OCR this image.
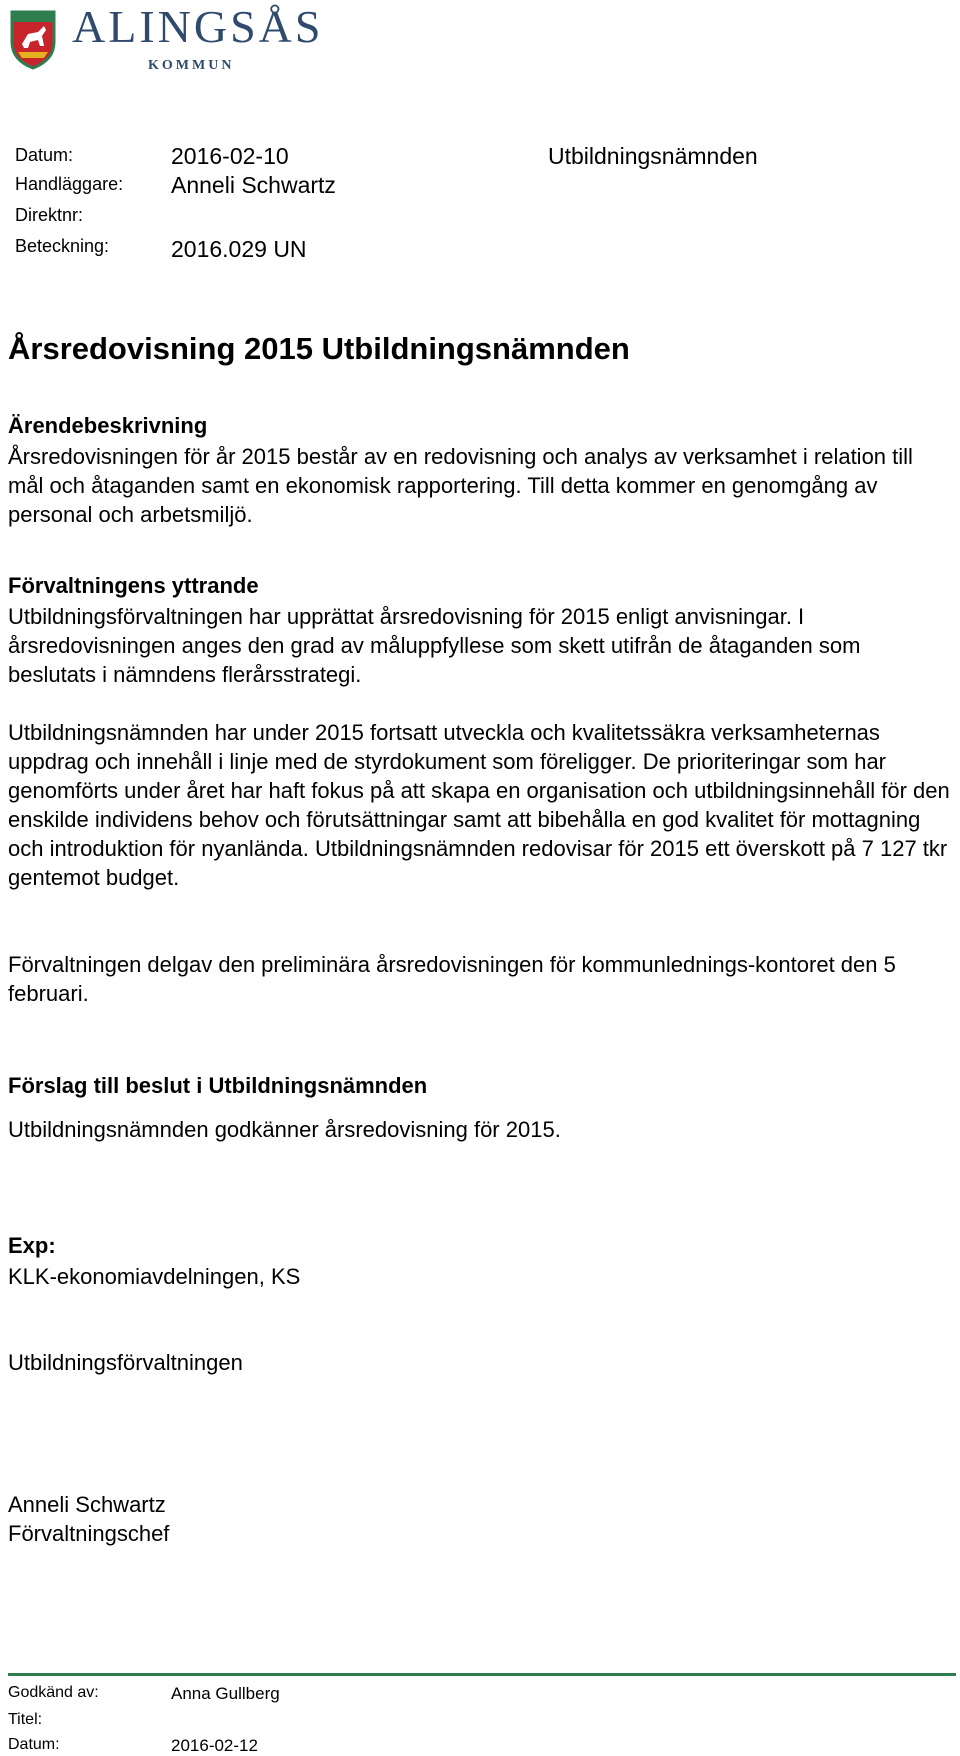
ALINGSÅS
KOMMUN
Datum:	2016-02-10	Utbildningsnämnden
Handläggare: Anneli Schwartz
Direktnr:
Beteckning:	2016.029 UN
Årsredovisning 2015 Utbildningsnämnden
Ärendebeskrivning

Årsredovisningen för år 2015 består av en redovisning och analys av verksamhet i relation till mål och åtaganden samt en ekonomisk rapportering. Till detta kommer en genomgång av personal och arbetsmiljö.

Förvaltningens yttrande

Utbildningsförvaltningen har upprättat årsredovisning för 2015 enligt anvisningar. I årsredovisningen anges den grad av måluppfyllese som skett utifrån de åtaganden som beslutats i nämndens flerårsstrategi.

Utbildningsnämnden har under 2015 fortsatt utveckla och kvalitetssäkra verksamheternas uppdrag och innehåll i linje med de styrdokument som föreligger. De prioriteringar som har genomförts under året har haft fokus på att skapa en organisation och utbildningsinnehåll för den enskilde individens behov och förutsättningar samt att bibehålla en god kvalitet för mottagning och introduktion för nyanlända. Utbildningsnämnden redovisar för 2015 ett överskott på 7 127 tkr gentemot budget.

Förvaltningen delgav den preliminära årsredovisningen för kommunlednings-kontoret den 5 februari.

Förslag till beslut i Utbildningsnämnden

Utbildningsnämnden godkänner årsredovisning för 2015.

Exp:

KLK-ekonomiavdelningen, KS

Utbildningsförvaltningen

Anneli Schwartz

Förvaltningschef

Godkänd av:	Anna Gullberg
Titel:
Datum:	2016-02-12
